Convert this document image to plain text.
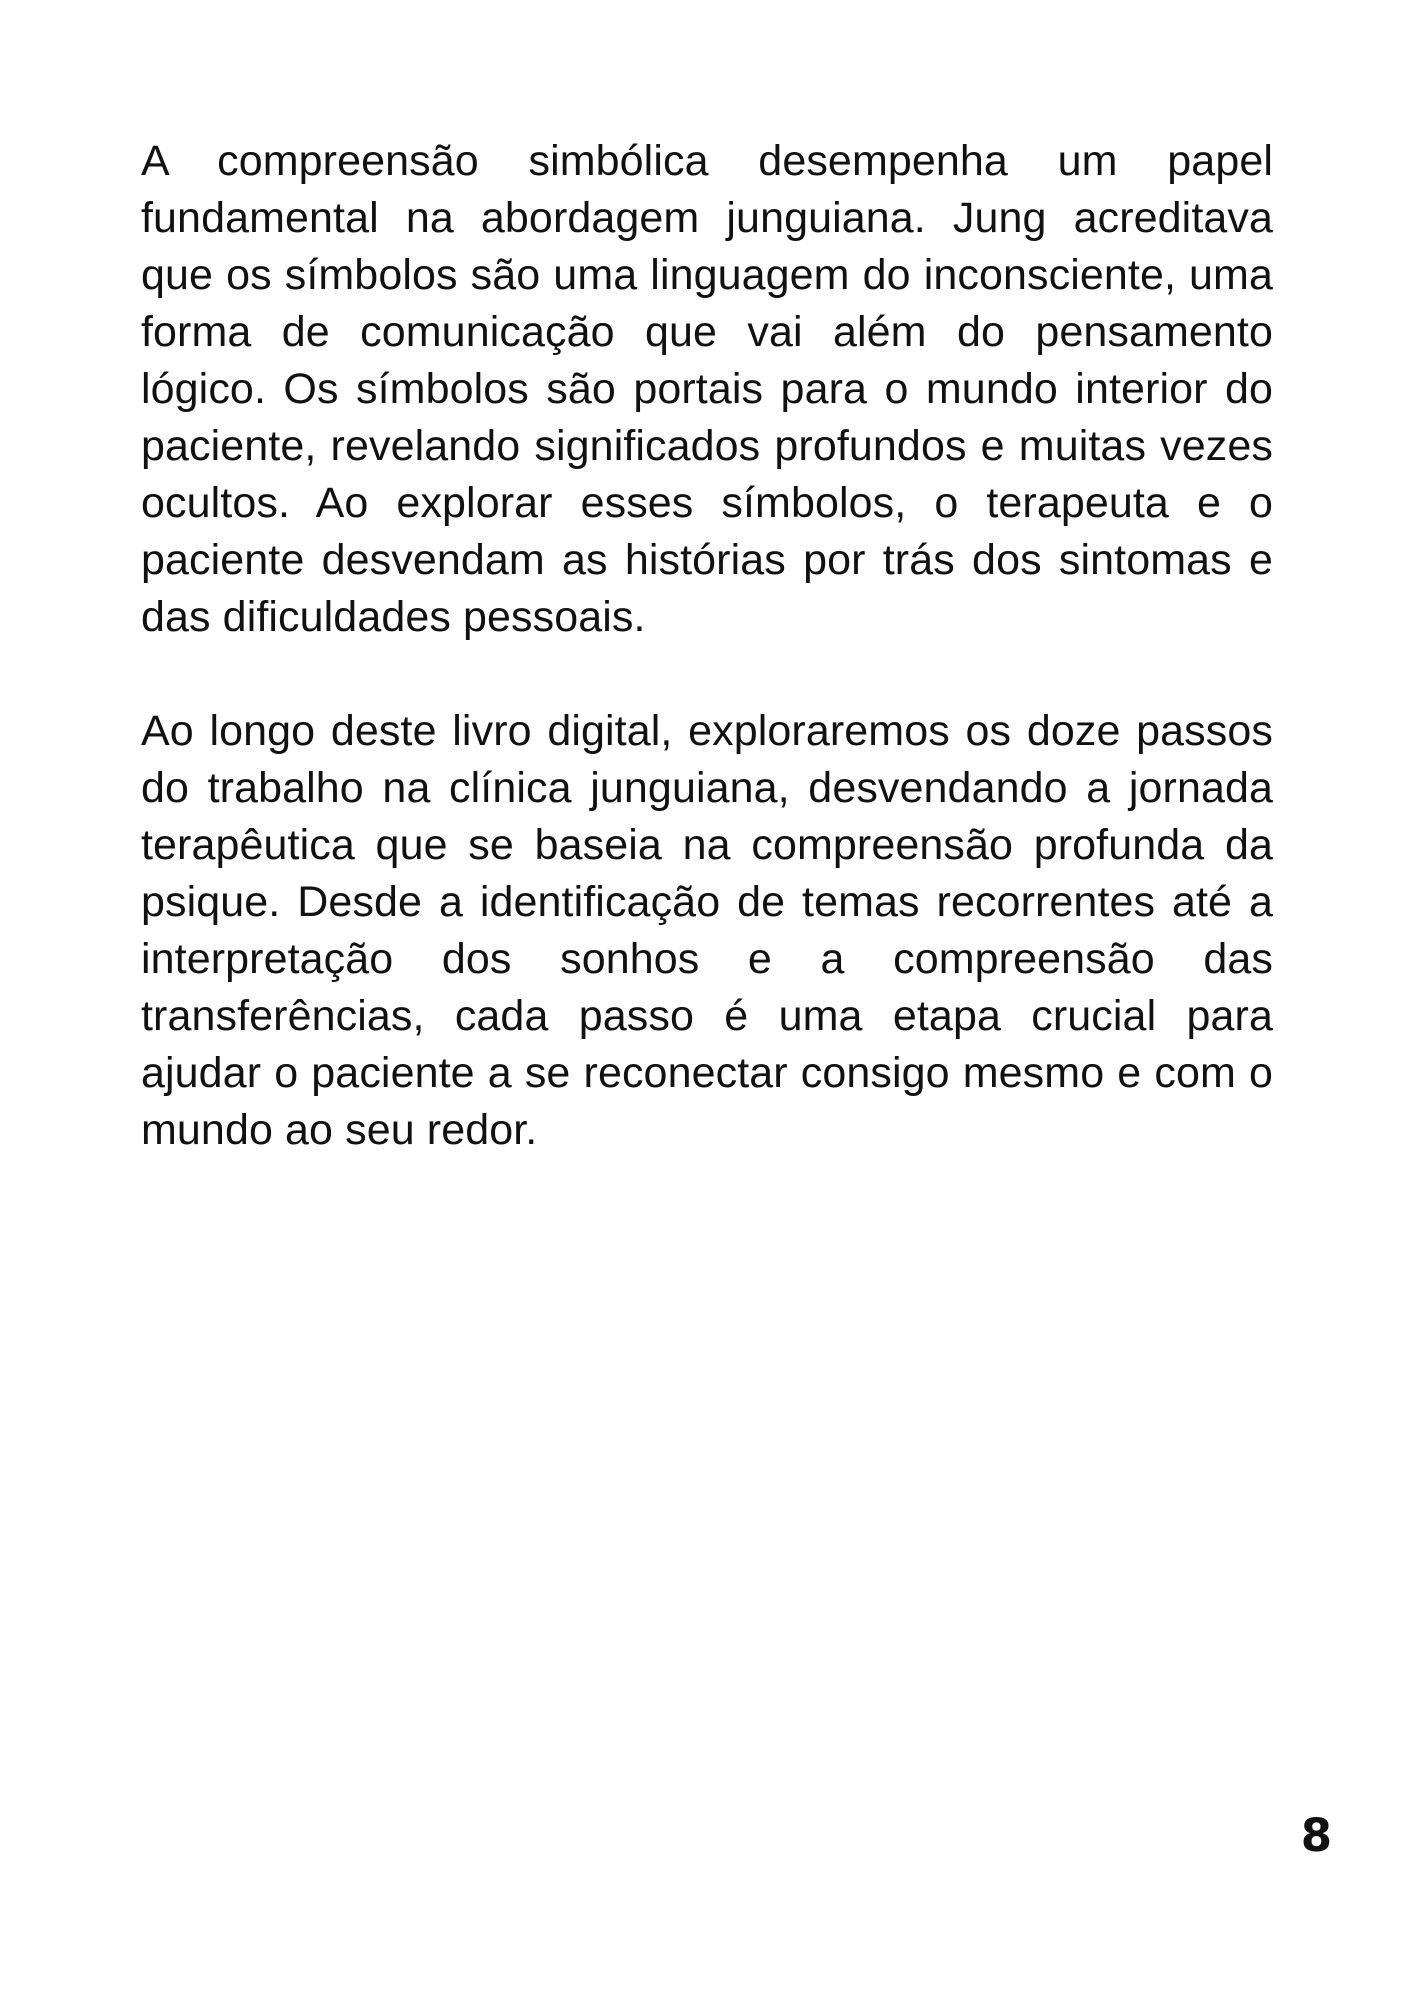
A compreensão simbólica desempenha um papel fundamental na abordagem junguiana. Jung acreditava que os símbolos são uma linguagem do inconsciente, uma forma de comunicação que vai além do pensamento lógico. Os símbolos são portais para o mundo interior do paciente, revelando significados profundos e muitas vezes ocultos. Ao explorar esses símbolos, o terapeuta e o paciente desvendam as histórias por trás dos sintomas e das dificuldades pessoais.

Ao longo deste livro digital, exploraremos os doze passos do trabalho na clínica junguiana, desvendando a jornada terapêutica que se baseia na compreensão profunda da psique. Desde a identificação de temas recorrentes até a interpretação dos sonhos e a compreensão das transferências, cada passo é uma etapa crucial para ajudar o paciente a se reconectar consigo mesmo e com o mundo ao seu redor.

8
